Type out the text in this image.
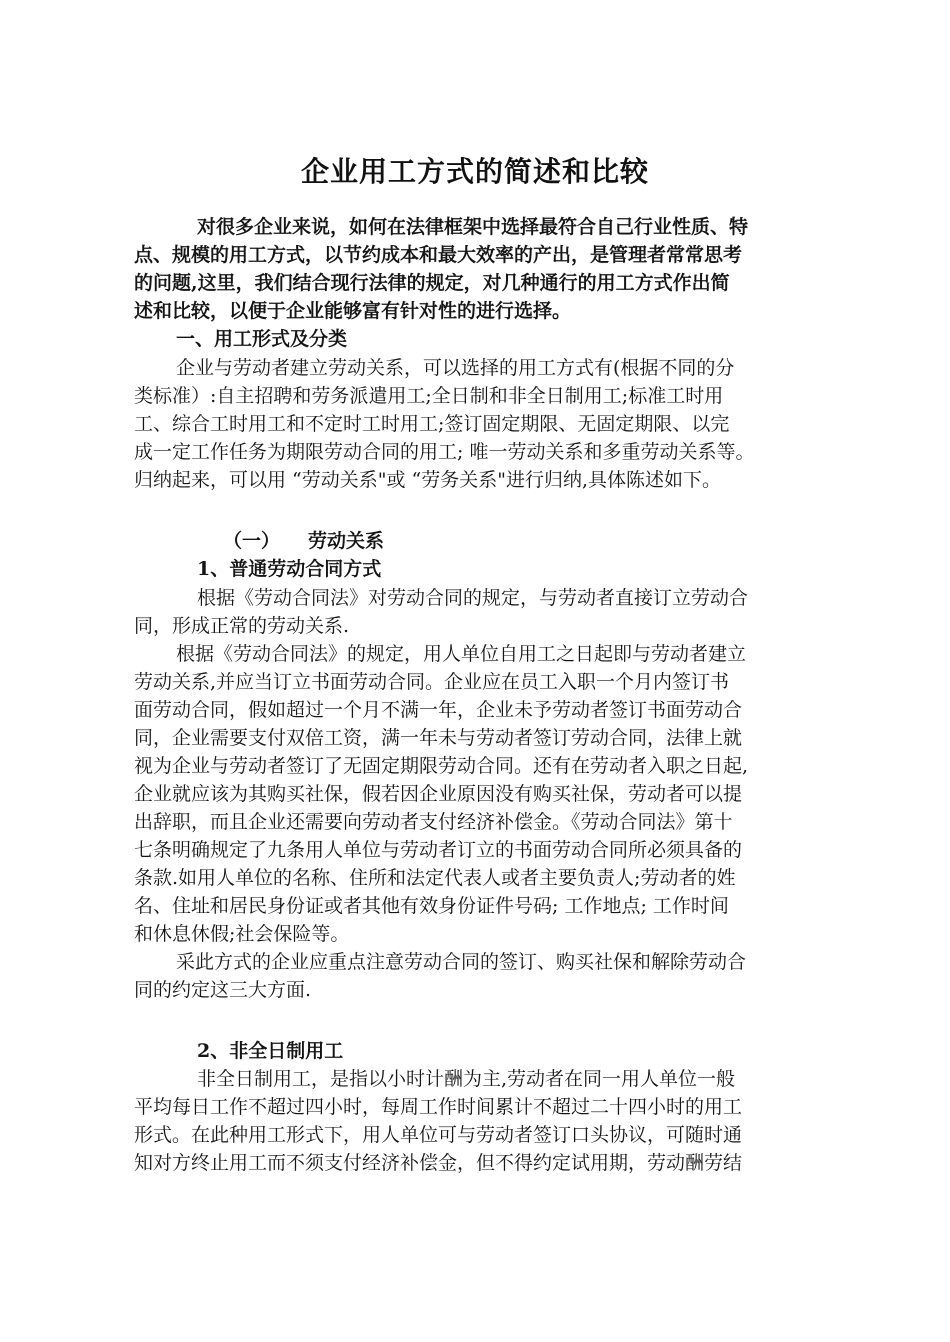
企业用工方式的简述和比较
对很多企业来说，如何在法律框架中选择最符合自己行业性质、特
点、规模的用工方式，以节约成本和最大效率的产出，是管理者常常思考
的问题,这里，我们结合现行法律的规定，对几种通行的用工方式作出简
述和比较，以便于企业能够富有针对性的进行选择。
一、用工形式及分类
企业与劳动者建立劳动关系，可以选择的用工方式有(根据不同的分
类标准）:自主招聘和劳务派遣用工;全日制和非全日制用工;标准工时用
工、综合工时用工和不定时工时用工;签订固定期限、无固定期限、以完
成一定工作任务为期限劳动合同的用工; 唯一劳动关系和多重劳动关系等。
归纳起来，可以用 “劳动关系"或 “劳务关系"进行归纳,具体陈述如下。
（一） 劳动关系
1、普通劳动合同方式
根据《劳动合同法》对劳动合同的规定，与劳动者直接订立劳动合
同，形成正常的劳动关系.
根据《劳动合同法》的规定，用人单位自用工之日起即与劳动者建立
劳动关系,并应当订立书面劳动合同。企业应在员工入职一个月内签订书
面劳动合同，假如超过一个月不满一年，企业未予劳动者签订书面劳动合
同，企业需要支付双倍工资，满一年未与劳动者签订劳动合同，法律上就
视为企业与劳动者签订了无固定期限劳动合同。还有在劳动者入职之日起,
企业就应该为其购买社保，假若因企业原因没有购买社保，劳动者可以提
出辞职，而且企业还需要向劳动者支付经济补偿金。《劳动合同法》第十
七条明确规定了九条用人单位与劳动者订立的书面劳动合同所必须具备的
条款.如用人单位的名称、住所和法定代表人或者主要负责人;劳动者的姓
名、住址和居民身份证或者其他有效身份证件号码; 工作地点; 工作时间
和休息休假;社会保险等。
采此方式的企业应重点注意劳动合同的签订、购买社保和解除劳动合
同的约定这三大方面.
2、非全日制用工
非全日制用工，是指以小时计酬为主,劳动者在同一用人单位一般
平均每日工作不超过四小时，每周工作时间累计不超过二十四小时的用工
形式。在此种用工形式下，用人单位可与劳动者签订口头协议，可随时通
知对方终止用工而不须支付经济补偿金，但不得约定试用期，劳动酬劳结
